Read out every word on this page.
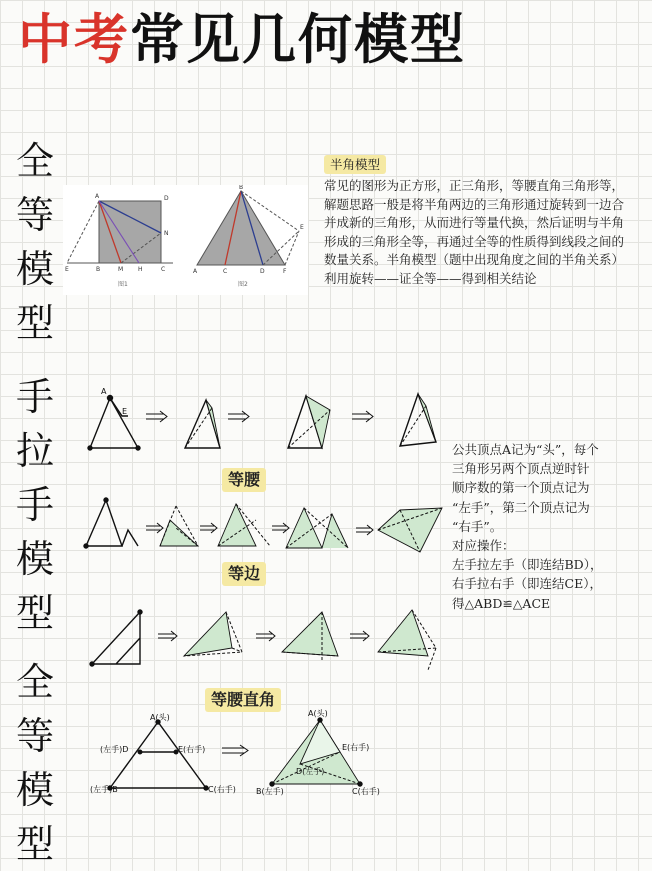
中考常见几何模型
全
等
模
型
手
拉
手
模
型
全
等
模
型
A	D
N
E	B	M H	C
图1
B
A	C	D	F
E
图2
半角模型
常见的图形为正方形，正三角形，等腰直角三角形等，解题思路一般是将半角两边的三角形通过旋转到一边合并成新的三角形，从而进行等量代换，然后证明与半角形成的三角形全等，再通过全等的性质得到线段之间的数量关系。半角模型（题中出现角度之间的半角关系）利用旋转——证全等——得到相关结论
A
E
A(头)
(左手)D	E(右手)
(左手)B	C(右手)
A(头)
D(左手)
E(右手)
B(左手)	C(右手)
等腰
等边
等腰直角
公共顶点A记为“头”，每个
三角形另两个顶点逆时针
顺序数的第一个顶点记为
“左手”，第二个顶点记为
“右手”。
对应操作：
左手拉左手（即连结BD），
右手拉右手（即连结CE），
得△ABD≌△ACE
